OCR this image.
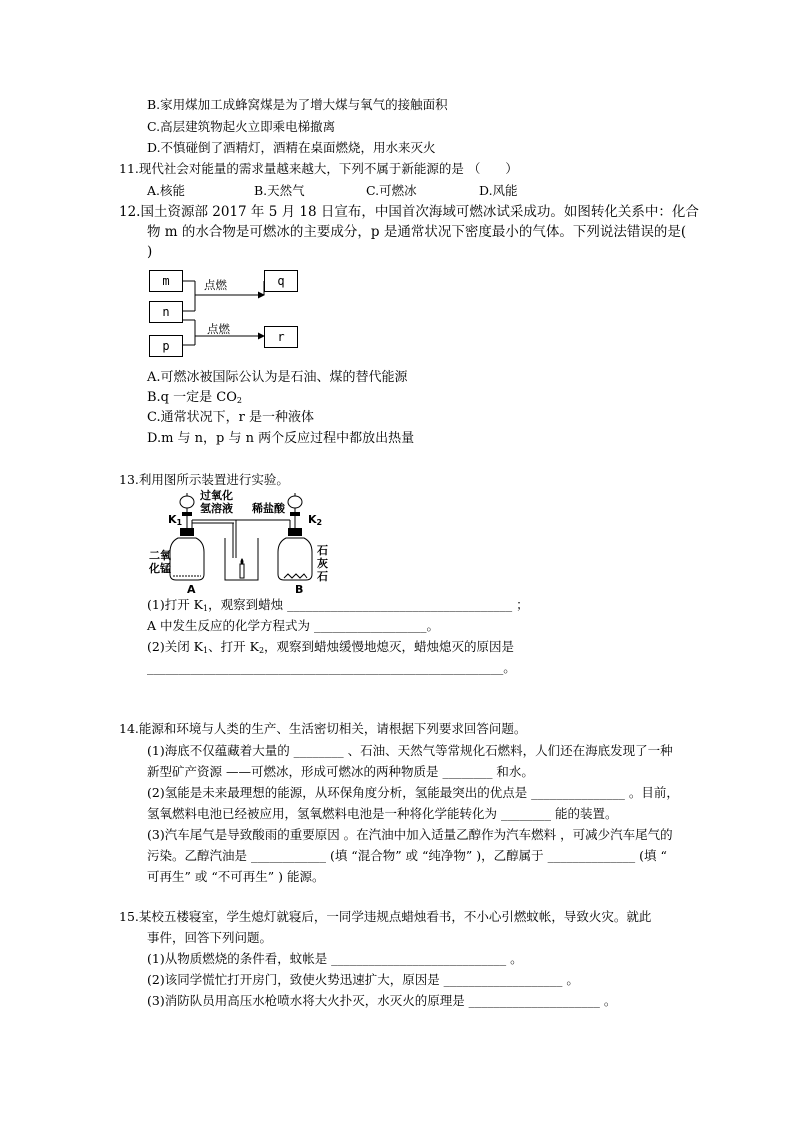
B.家用煤加工成蜂窝煤是为了增大煤与氧气的接触面积
C.高层建筑物起火立即乘电梯撤离
D.不慎碰倒了酒精灯，酒精在桌面燃烧，用水来灭火
11.现代社会对能量的需求量越来越大，下列不属于新能源的是 （　　）
A.核能	B.天然气	C.可燃冰	D.风能
12.国土资源部 2017 年 5 月 18 日宣布，中国首次海域可燃冰试采成功。如图转化关系中：化合
物 m 的水合物是可燃冰的主要成分，p 是通常状况下密度最小的气体。下列说法错误的是(
)
m
n
p
q
r
点燃
点燃
A.可燃冰被国际公认为是石油、煤的替代能源
B.q 一定是 $CO_2$
C.通常状况下，r 是一种液体
D.m 与 n，p 与 n 两个反应过程中都放出热量
13.利用图所示装置进行实验。
过氧化
氢溶液 稀盐酸
$K_1$	$K_2$
二氧
化锰
石
灰
石
A	B
(1)打开 $K_1$，观察到蜡烛 ____________________________________ ；
A 中发生反应的化学方程式为 __________________。
(2)关闭 $K_1$、打开 $K_2$，观察到蜡烛缓慢地熄灭，蜡烛熄灭的原因是
_________________________________________________________。
14.能源和环境与人类的生产、生活密切相关，请根据下列要求回答问题。
(1)海底不仅蕴藏着大量的 ________ 、石油、天然气等常规化石燃料，人们还在海底发现了一种
新型矿产资源 ——可燃冰，形成可燃冰的两种物质是 ________ 和水。
(2)氢能是未来最理想的能源，从环保角度分析，氢能最突出的优点是 _______________ 。目前，
氢氧燃料电池已经被应用，氢氧燃料电池是一种将化学能转化为 ________ 能的装置。
(3)汽车尾气是导致酸雨的重要原因 。在汽油中加入适量乙醇作为汽车燃料 ，可减少汽车尾气的
污染。乙醇汽油是 ____________ (填 “混合物” 或 “纯净物” )，乙醇属于 ______________ (填 “
可再生” 或 “不可再生” ) 能源。
15.某校五楼寝室，学生熄灯就寝后，一同学违规点蜡烛看书，不小心引燃蚊帐，导致火灾。就此
事件，回答下列问题。
(1)从物质燃烧的条件看，蚊帐是 ____________________________ 。
(2)该同学慌忙打开房门，致使火势迅速扩大，原因是 ___________________ 。
(3)消防队员用高压水枪喷水将大火扑灭，水灭火的原理是 _____________________ 。
